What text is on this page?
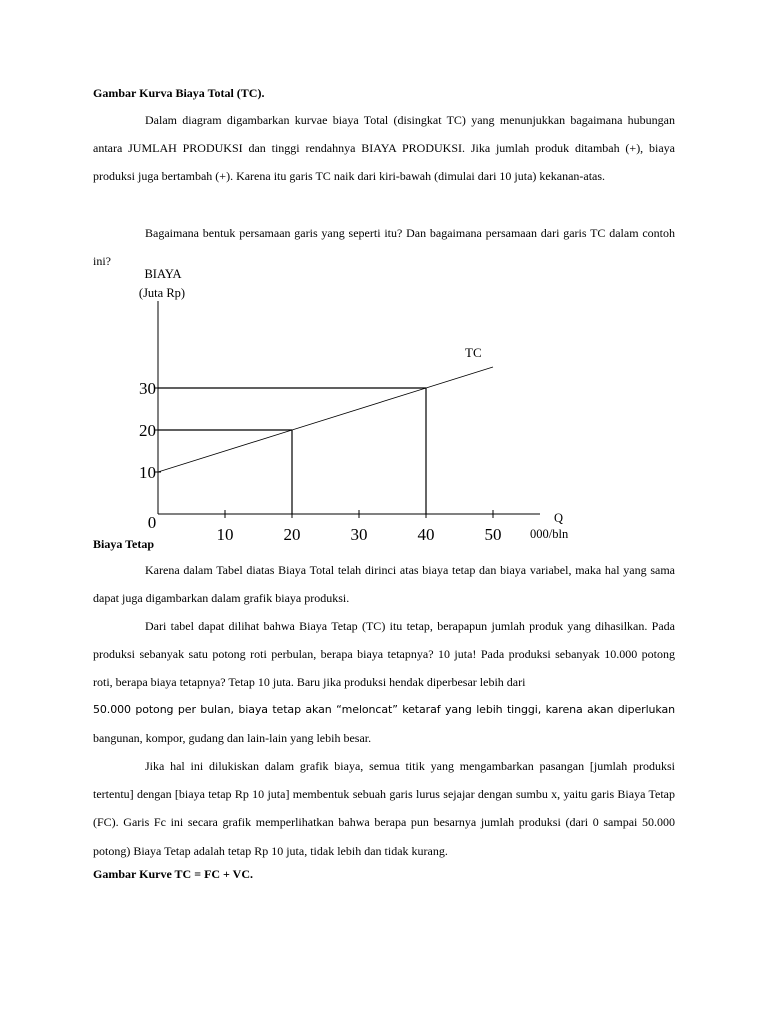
Gambar Kurva Biaya Total (TC).

Dalam diagram digambarkan kurvae biaya Total (disingkat TC) yang menunjukkan bagaimana hubungan antara JUMLAH PRODUKSI dan tinggi rendahnya BIAYA PRODUKSI. Jika jumlah produk ditambah (+), biaya produksi juga bertambah (+). Karena itu garis TC naik dari kiri-bawah (dimulai dari 10 juta) kekanan-atas.

Bagaimana bentuk persamaan garis yang seperti itu? Dan bagaimana persamaan dari garis TC dalam contoh ini?

BIAYA
(Juta Rp)
10
20
30
0
10	20	30	40	50
TC
Q
000/bln
Biaya Tetap

Karena dalam Tabel diatas Biaya Total telah dirinci atas biaya tetap dan biaya variabel, maka hal yang sama dapat juga digambarkan dalam grafik biaya produksi.

Dari tabel dapat dilihat bahwa Biaya Tetap (TC) itu tetap, berapapun jumlah produk yang dihasilkan. Pada produksi sebanyak satu potong roti perbulan, berapa biaya tetapnya? 10 juta! Pada produksi sebanyak 10.000 potong roti, berapa biaya tetapnya? Tetap 10 juta. Baru jika produksi hendak diperbesar lebih dari

50.000 potong per bulan, biaya tetap akan “meloncat” ketaraf yang lebih tinggi, karena akan diperlukan
bangunan, kompor, gudang dan lain-lain yang lebih besar.

Jika hal ini dilukiskan dalam grafik biaya, semua titik yang mengambarkan pasangan [jumlah produksi tertentu] dengan [biaya tetap Rp 10 juta] membentuk sebuah garis lurus sejajar dengan sumbu x, yaitu garis Biaya Tetap (FC). Garis Fc ini secara grafik memperlihatkan bahwa berapa pun besarnya jumlah produksi (dari 0 sampai 50.000 potong) Biaya Tetap adalah tetap Rp 10 juta, tidak lebih dan tidak kurang.

Gambar Kurve TC = FC + VC.
